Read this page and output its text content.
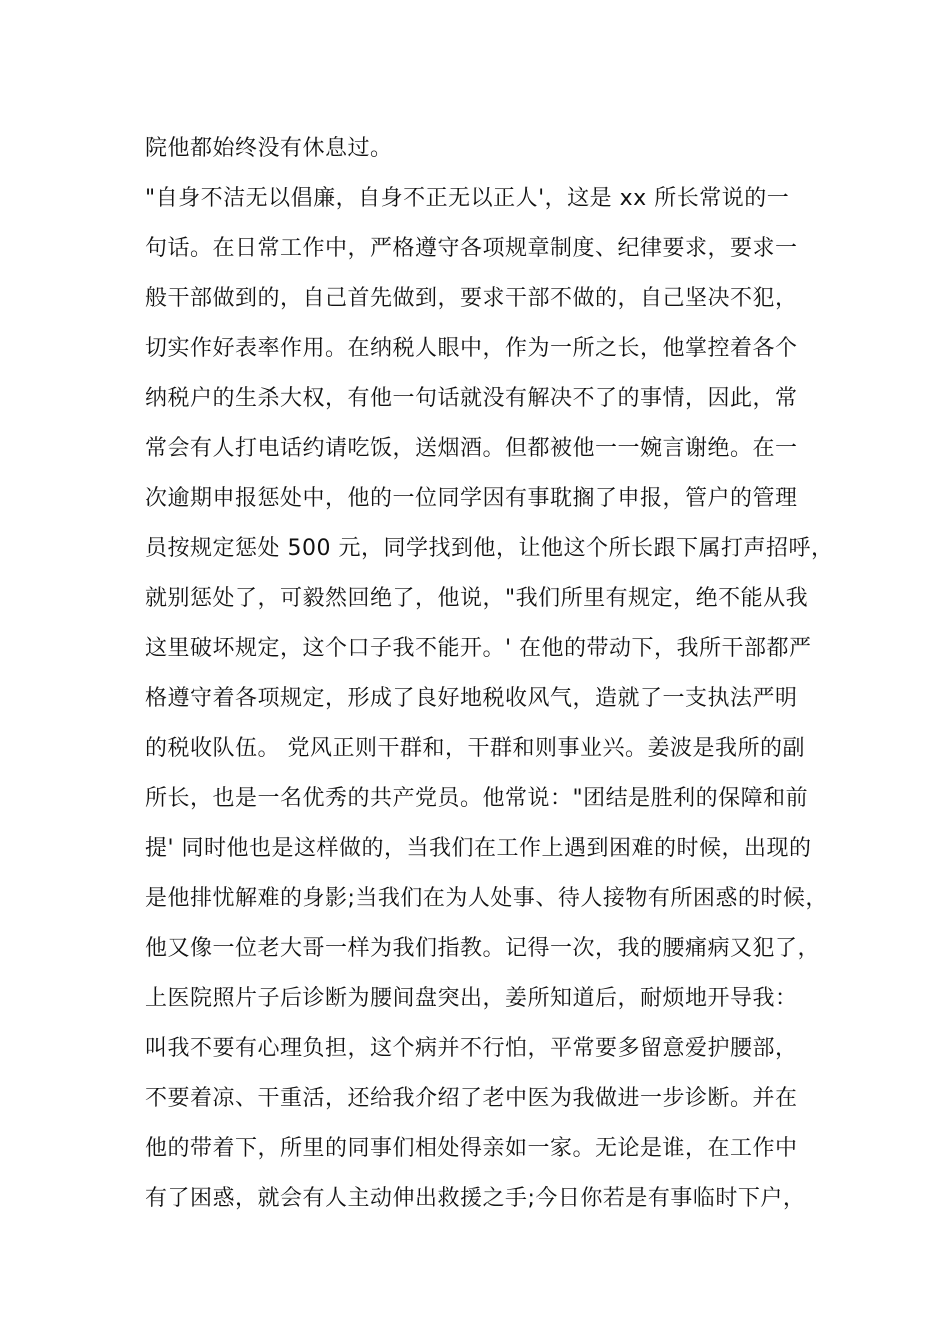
院他都始终没有休息过。
"自身不洁无以倡廉，自身不正无以正人'，这是 xx 所长常说的一
句话。在日常工作中，严格遵守各项规章制度、纪律要求，要求一
般干部做到的，自己首先做到，要求干部不做的，自己坚决不犯，
切实作好表率作用。在纳税人眼中，作为一所之长，他掌控着各个
纳税户的生杀大权，有他一句话就没有解决不了的事情，因此，常
常会有人打电话约请吃饭，送烟酒。但都被他一一婉言谢绝。在一
次逾期申报惩处中，他的一位同学因有事耽搁了申报，管户的管理
员按规定惩处 500 元，同学找到他，让他这个所长跟下属打声招呼，
就别惩处了，可毅然回绝了，他说，"我们所里有规定，绝不能从我
这里破坏规定，这个口子我不能开。' 在他的带动下，我所干部都严
格遵守着各项规定，形成了良好地税收风气，造就了一支执法严明
的税收队伍。 党风正则干群和，干群和则事业兴。姜波是我所的副
所长，也是一名优秀的共产党员。他常说："团结是胜利的保障和前
提' 同时他也是这样做的，当我们在工作上遇到困难的时候，出现的
是他排忧解难的身影;当我们在为人处事、待人接物有所困惑的时候，
他又像一位老大哥一样为我们指教。记得一次，我的腰痛病又犯了，
上医院照片子后诊断为腰间盘突出，姜所知道后，耐烦地开导我：
叫我不要有心理负担，这个病并不行怕，平常要多留意爱护腰部，
不要着凉、干重活，还给我介绍了老中医为我做进一步诊断。并在
他的带着下，所里的同事们相处得亲如一家。无论是谁，在工作中
有了困惑，就会有人主动伸出救援之手;今日你若是有事临时下户，
